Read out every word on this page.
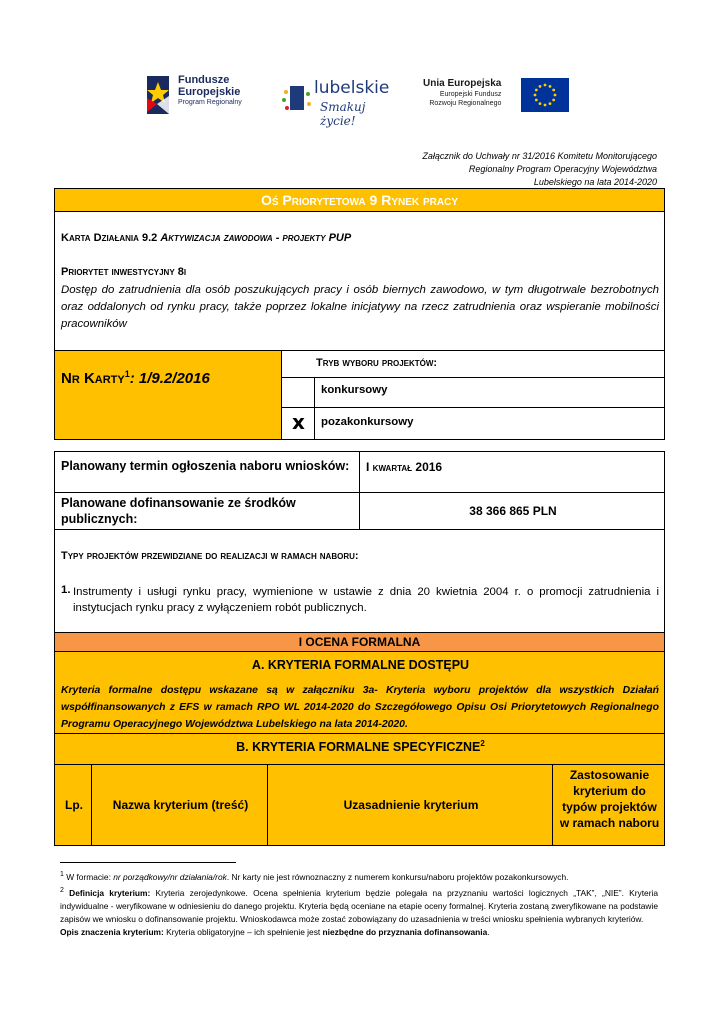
Fundusze
Europejskie
Program Regionalny
lubelskie
Smakuj życie!
Unia Europejska
Europejski Fundusz
Rozwoju Regionalnego
Załącznik do Uchwały nr 31/2016 Komitetu Monitorującego
Regionalny Program Operacyjny Województwa
Lubelskiego na lata 2014-2020
Oś Priorytetowa 9 Rynek pracy
Karta Działania 9.2 Aktywizacja zawodowa - projekty PUP
Priorytet inwestycyjny 8i
Dostęp do zatrudnienia dla osób poszukujących pracy i osób biernych zawodowo, w tym długotrwale bezrobotnych oraz oddalonych od rynku pracy, także poprzez lokalne inicjatywy na rzecz zatrudnienia oraz wspieranie mobilności pracowników
Nr Karty$^1$: 1/9.2/2016
Tryb wyboru projektów:
konkursowy
x pozakonkursowy
Planowany termin ogłoszenia naboru wniosków: I kwartał 2016
Planowane dofinansowanie ze środków publicznych:
38 366 865 PLN
Typy projektów przewidziane do realizacji w ramach naboru:
1. Instrumenty i usługi rynku pracy, wymienione w ustawie z dnia 20 kwietnia 2004 r. o promocji zatrudnienia i instytucjach rynku pracy z wyłączeniem robót publicznych.
I OCENA FORMALNA
A. KRYTERIA FORMALNE DOSTĘPU
Kryteria formalne dostępu wskazane są w załączniku 3a- Kryteria wyboru projektów dla wszystkich Działań współfinansowanych z EFS w ramach RPO WL 2014-2020 do Szczegółowego Opisu Osi Priorytetowych Regionalnego Programu Operacyjnego Województwa Lubelskiego na lata 2014-2020.
B. KRYTERIA FORMALNE SPECYFICZNE$^2$
Lp.	Nazwa kryterium (treść)	Uzasadnienie kryterium
Zastosowanie kryterium do typów projektów w ramach naboru
$^1$ W formacie: nr porządkowy/nr działania/rok. Nr karty nie jest równoznaczny z numerem konkursu/naboru projektów pozakonkursowych.
$^2$ Definicja kryterium: Kryteria zerojedynkowe. Ocena spełnienia kryterium będzie polegała na przyznaniu wartości logicznych „TAK”, „NIE”. Kryteria indywidualne - weryfikowane w odniesieniu do danego projektu. Kryteria będą oceniane na etapie oceny formalnej. Kryteria zostaną zweryfikowane na podstawie zapisów we wniosku o dofinansowanie projektu. Wnioskodawca może zostać zobowiązany do uzasadnienia w treści wniosku spełnienia wybranych kryteriów.
Opis znaczenia kryterium: Kryteria obligatoryjne – ich spełnienie jest niezbędne do przyznania dofinansowania.
